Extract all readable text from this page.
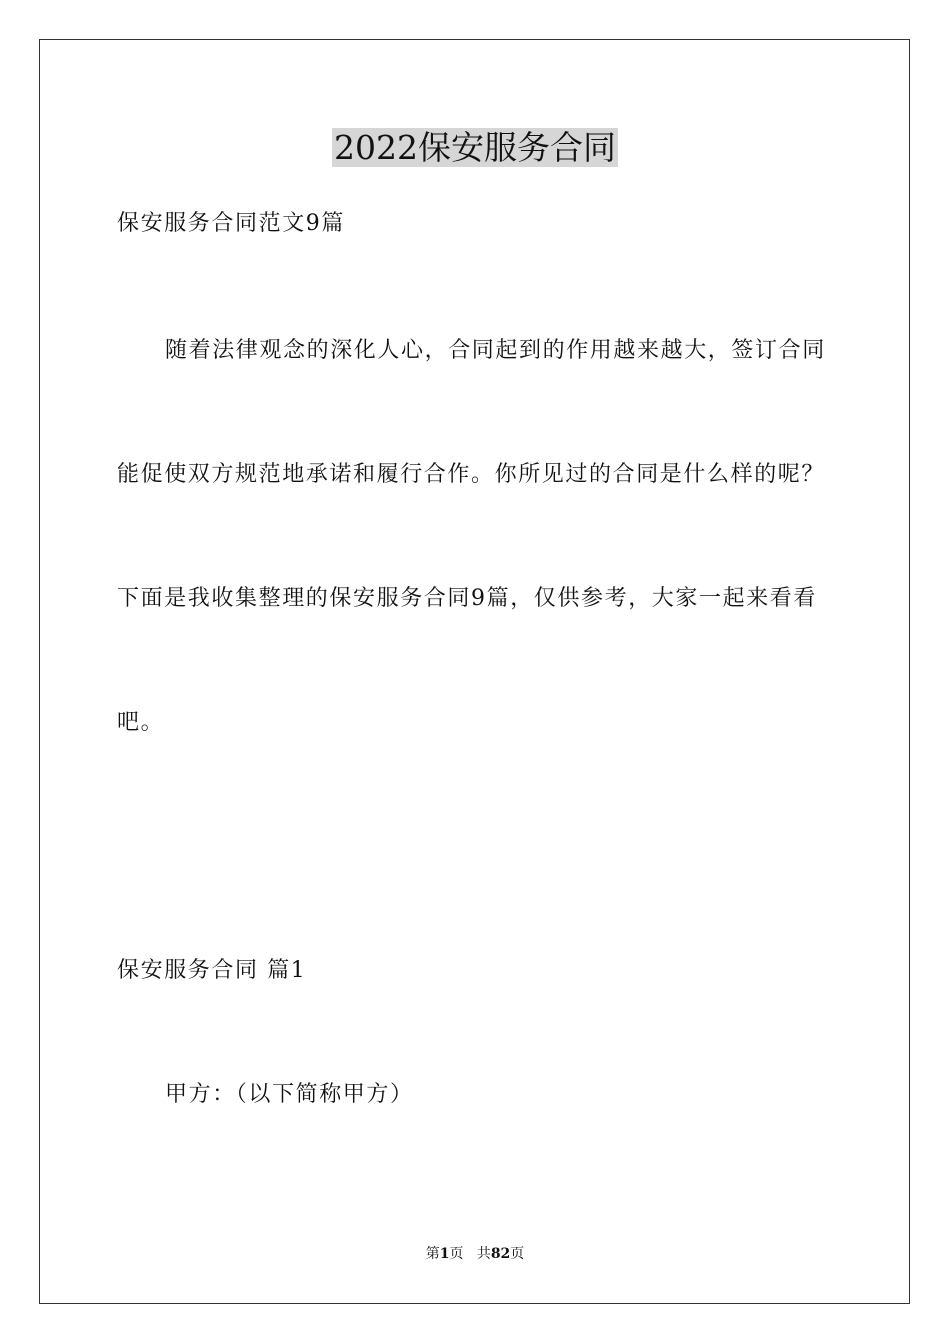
2022保安服务合同
保安服务合同范文9篇
随着法律观念的深化人心，合同起到的作用越来越大，签订合同
能促使双方规范地承诺和履行合作。你所见过的合同是什么样的呢？
下面是我收集整理的保安服务合同9篇，仅供参考，大家一起来看看
吧。
保安服务合同 篇1
甲方：（以下简称甲方）
第1页 共82页
